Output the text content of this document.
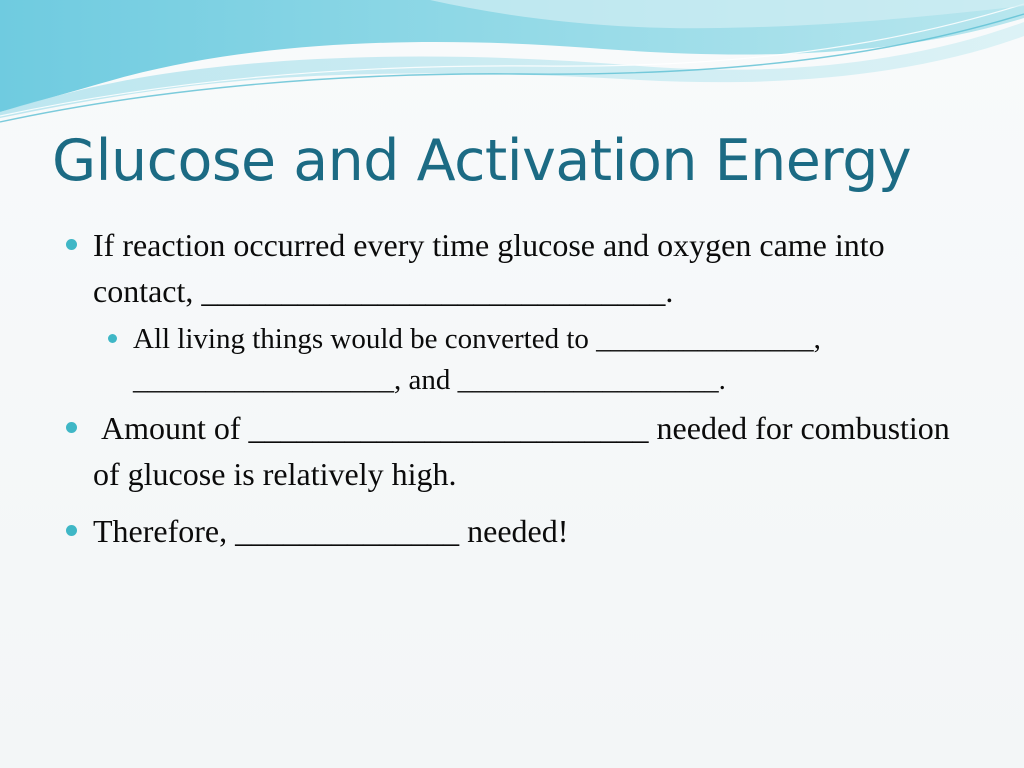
Glucose and Activation Energy
If reaction occurred every time glucose and oxygen came into contact, _____________________________.
All living things would be converted to _______________, __________________, and __________________.
Amount of _________________________ needed for combustion of glucose is relatively high.
Therefore, ______________ needed!
